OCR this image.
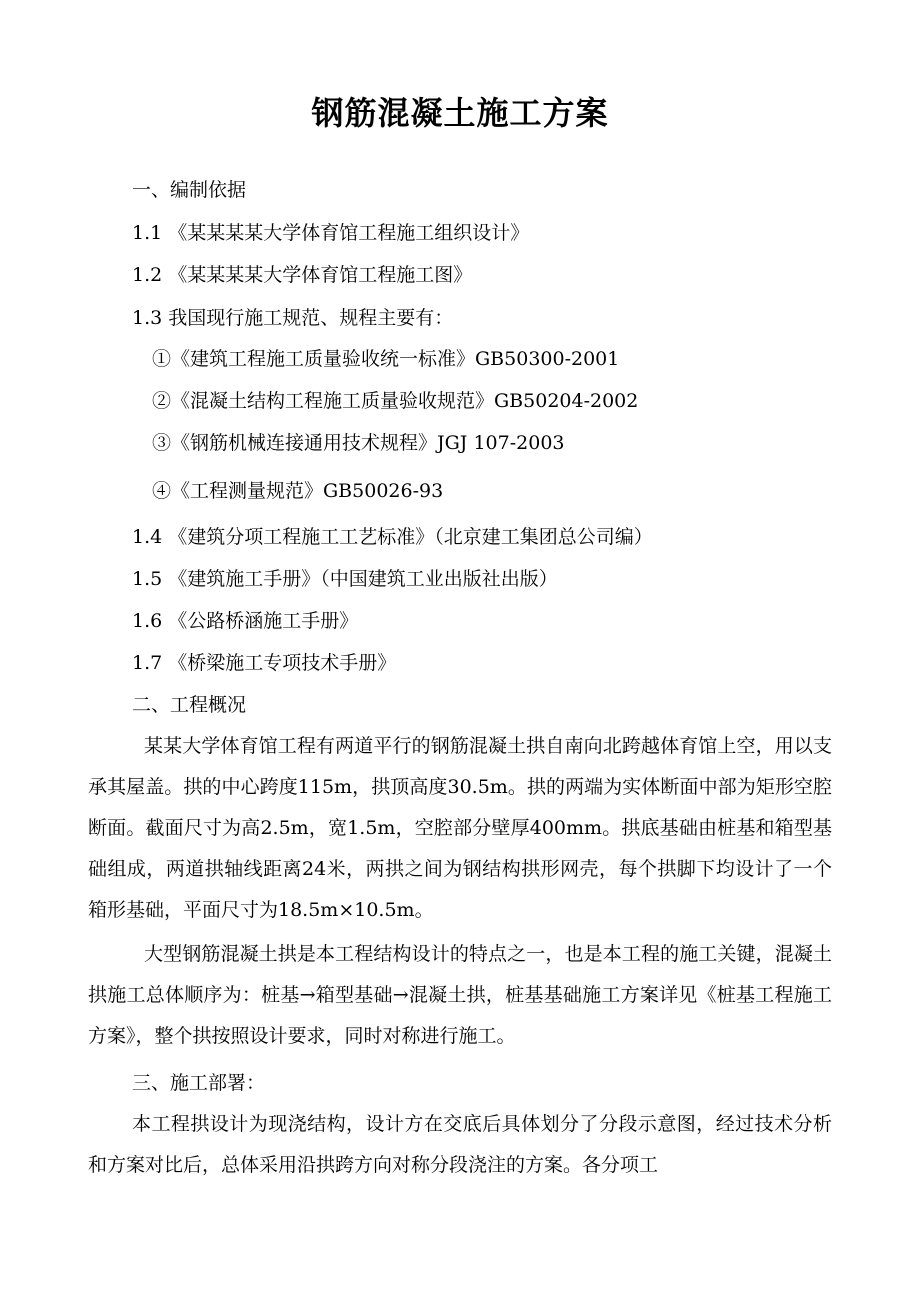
钢筋混凝土施工方案
一、编制依据
1.1 《某某某某大学体育馆工程施工组织设计》
1.2 《某某某某大学体育馆工程施工图》
1.3 我国现行施工规范、规程主要有：
①《建筑工程施工质量验收统一标准》GB50300-2001
②《混凝土结构工程施工质量验收规范》GB50204-2002
③《钢筋机械连接通用技术规程》JGJ 107-2003
④《工程测量规范》GB50026-93
1.4 《建筑分项工程施工工艺标准》（北京建工集团总公司编）
1.5 《建筑施工手册》（中国建筑工业出版社出版）
1.6 《公路桥涵施工手册》
1.7 《桥梁施工专项技术手册》
二、工程概况

某某大学体育馆工程有两道平行的钢筋混凝土拱自南向北跨越体育馆上空，用以支承其屋盖。拱的中心跨度115m，拱顶高度30.5m。拱的两端为实体断面中部为矩形空腔断面。截面尺寸为高2.5m，宽1.5m，空腔部分壁厚400mm。拱底基础由桩基和箱型基础组成，两道拱轴线距离24米，两拱之间为钢结构拱形网壳，每个拱脚下均设计了一个箱形基础，平面尺寸为18.5m×10.5m。

大型钢筋混凝土拱是本工程结构设计的特点之一，也是本工程的施工关键，混凝土拱施工总体顺序为：桩基→箱型基础→混凝土拱，桩基基础施工方案详见《桩基工程施工方案》，整个拱按照设计要求，同时对称进行施工。

三、施工部署：

本工程拱设计为现浇结构，设计方在交底后具体划分了分段示意图，经过技术分析和方案对比后，总体采用沿拱跨方向对称分段浇注的方案。各分项工
